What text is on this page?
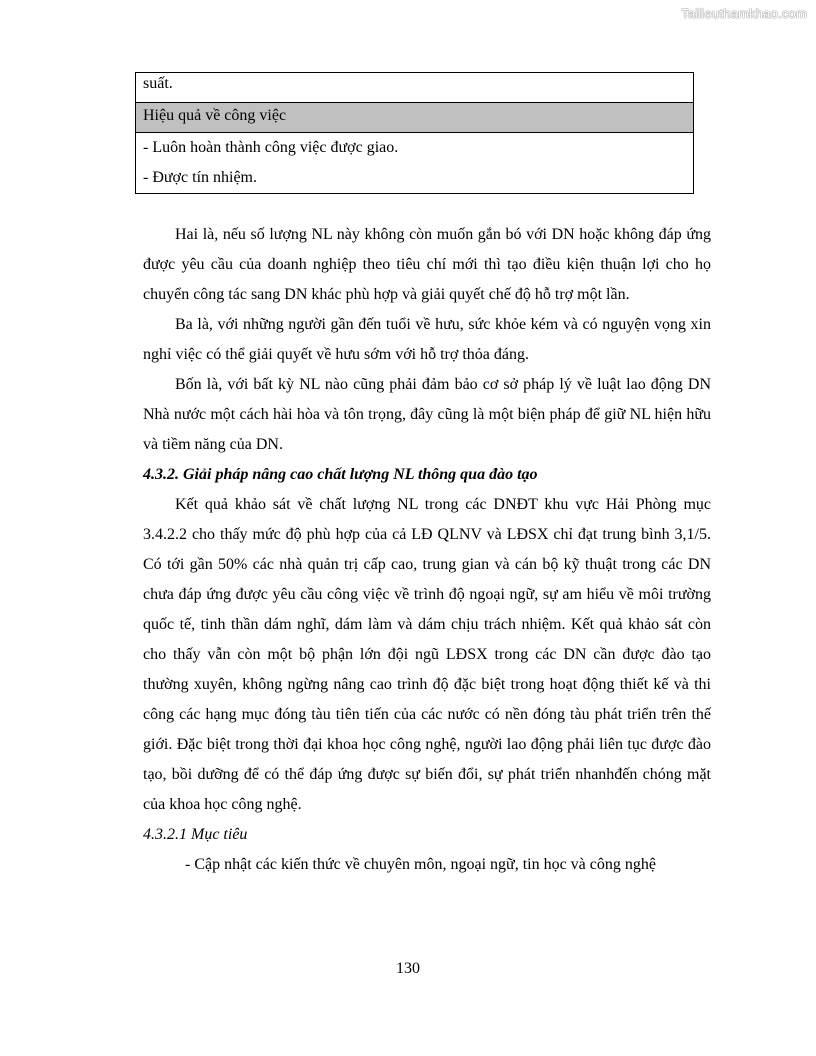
Tailieuthamkhao.com
suất.
Hiệu quả về công việc
- Luôn hoàn thành công việc được giao.
- Được tín nhiệm.

Hai là, nếu số lượng NL này không còn muốn gắn bó với DN hoặc không đáp ứng được yêu cầu của doanh nghiệp theo tiêu chí mới thì tạo điều kiện thuận lợi cho họ chuyển công tác sang DN khác phù hợp và giải quyết chế độ hỗ trợ một lần.

Ba là, với những người gần đến tuổi về hưu, sức khỏe kém và có nguyện vọng xin nghỉ việc có thể giải quyết về hưu sớm với hỗ trợ thỏa đáng.

Bốn là, với bất kỳ NL nào cũng phải đảm bảo cơ sở pháp lý về luật lao động DN Nhà nước một cách hài hòa và tôn trọng, đây cũng là một biện pháp để giữ NL hiện hữu và tiềm năng của DN.

4.3.2. Giải pháp nâng cao chất lượng NL thông qua đào tạo

Kết quả khảo sát về chất lượng NL trong các DNĐT khu vực Hải Phòng mục 3.4.2.2 cho thấy mức độ phù hợp của cả LĐ QLNV và LĐSX chỉ đạt trung bình 3,1/5. Có tới gần 50% các nhà quản trị cấp cao, trung gian và cán bộ kỹ thuật trong các DN chưa đáp ứng được yêu cầu công việc về trình độ ngoại ngữ, sự am hiểu về môi trường quốc tế, tinh thần dám nghĩ, dám làm và dám chịu trách nhiệm. Kết quả khảo sát còn cho thấy vẫn còn một bộ phận lớn đội ngũ LĐSX trong các DN cần được đào tạo thường xuyên, không ngừng nâng cao trình độ đặc biệt trong hoạt động thiết kế và thi công các hạng mục đóng tàu tiên tiến của các nước có nền đóng tàu phát triển trên thế giới. Đặc biệt trong thời đại khoa học công nghệ, người lao động phải liên tục được đào tạo, bồi dưỡng để có thể đáp ứng được sự biến đổi, sự phát triển nhanhđến chóng mặt của khoa học công nghệ.

4.3.2.1 Mục tiêu

- Cập nhật các kiến thức về chuyên môn, ngoại ngữ, tin học và công nghệ

130
